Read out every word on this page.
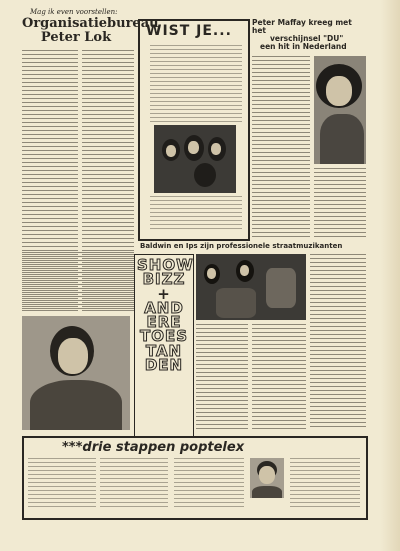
Mag ik even voorstellen:
Organisatiebureau
Peter Lok	WIST JE...
Peter Maffay kreeg met het
verschijnsel "DU"
een hit in Nederland
Baldwin en Ips zijn professionele straatmuzikanten
SHOW
BIZZ
+
AND
ERE
TOES
TAN
DEN
***drie stappen poptelex
